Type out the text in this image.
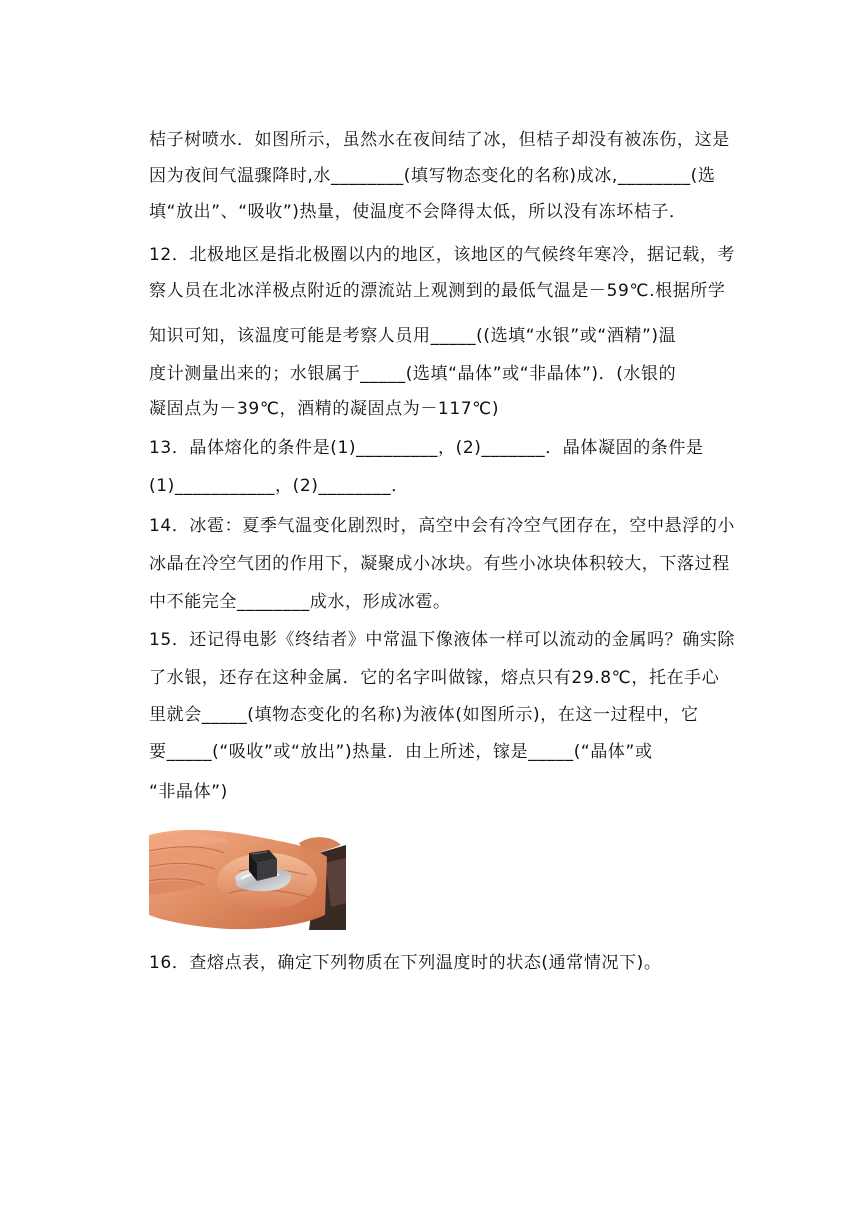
桔子树喷水．如图所示，虽然水在夜间结了冰，但桔子却没有被冻伤，这是
因为夜间气温骤降时,水________(填写物态变化的名称)成冰,________(选
填“放出”、“吸收”)热量，使温度不会降得太低，所以没有冻坏桔子．
12．北极地区是指北极圈以内的地区，该地区的气候终年寒冷，据记载，考
察人员在北冰洋极点附近的漂流站上观测到的最低气温是－59℃.根据所学
知识可知，该温度可能是考察人员用_____((选填“水银”或“酒精”)温
度计测量出来的；水银属于_____(选填“晶体”或“非晶体”)．(水银的
凝固点为－39℃，酒精的凝固点为－117℃)
13．晶体熔化的条件是(1)_________，(2)_______．晶体凝固的条件是
(1)___________，(2)________．
14．冰雹：夏季气温变化剧烈时，高空中会有冷空气团存在，空中悬浮的小
冰晶在冷空气团的作用下，凝聚成小冰块。有些小冰块体积较大，下落过程
中不能完全________成水，形成冰雹。
15．还记得电影《终结者》中常温下像液体一样可以流动的金属吗？确实除
了水银，还存在这种金属．它的名字叫做镓，熔点只有29.8℃，托在手心
里就会_____(填物态变化的名称)为液体(如图所示)，在这一过程中，它
要_____(“吸收”或“放出”)热量．由上所述，镓是_____(“晶体”或
“非晶体”)
16．查熔点表，确定下列物质在下列温度时的状态(通常情况下)。
